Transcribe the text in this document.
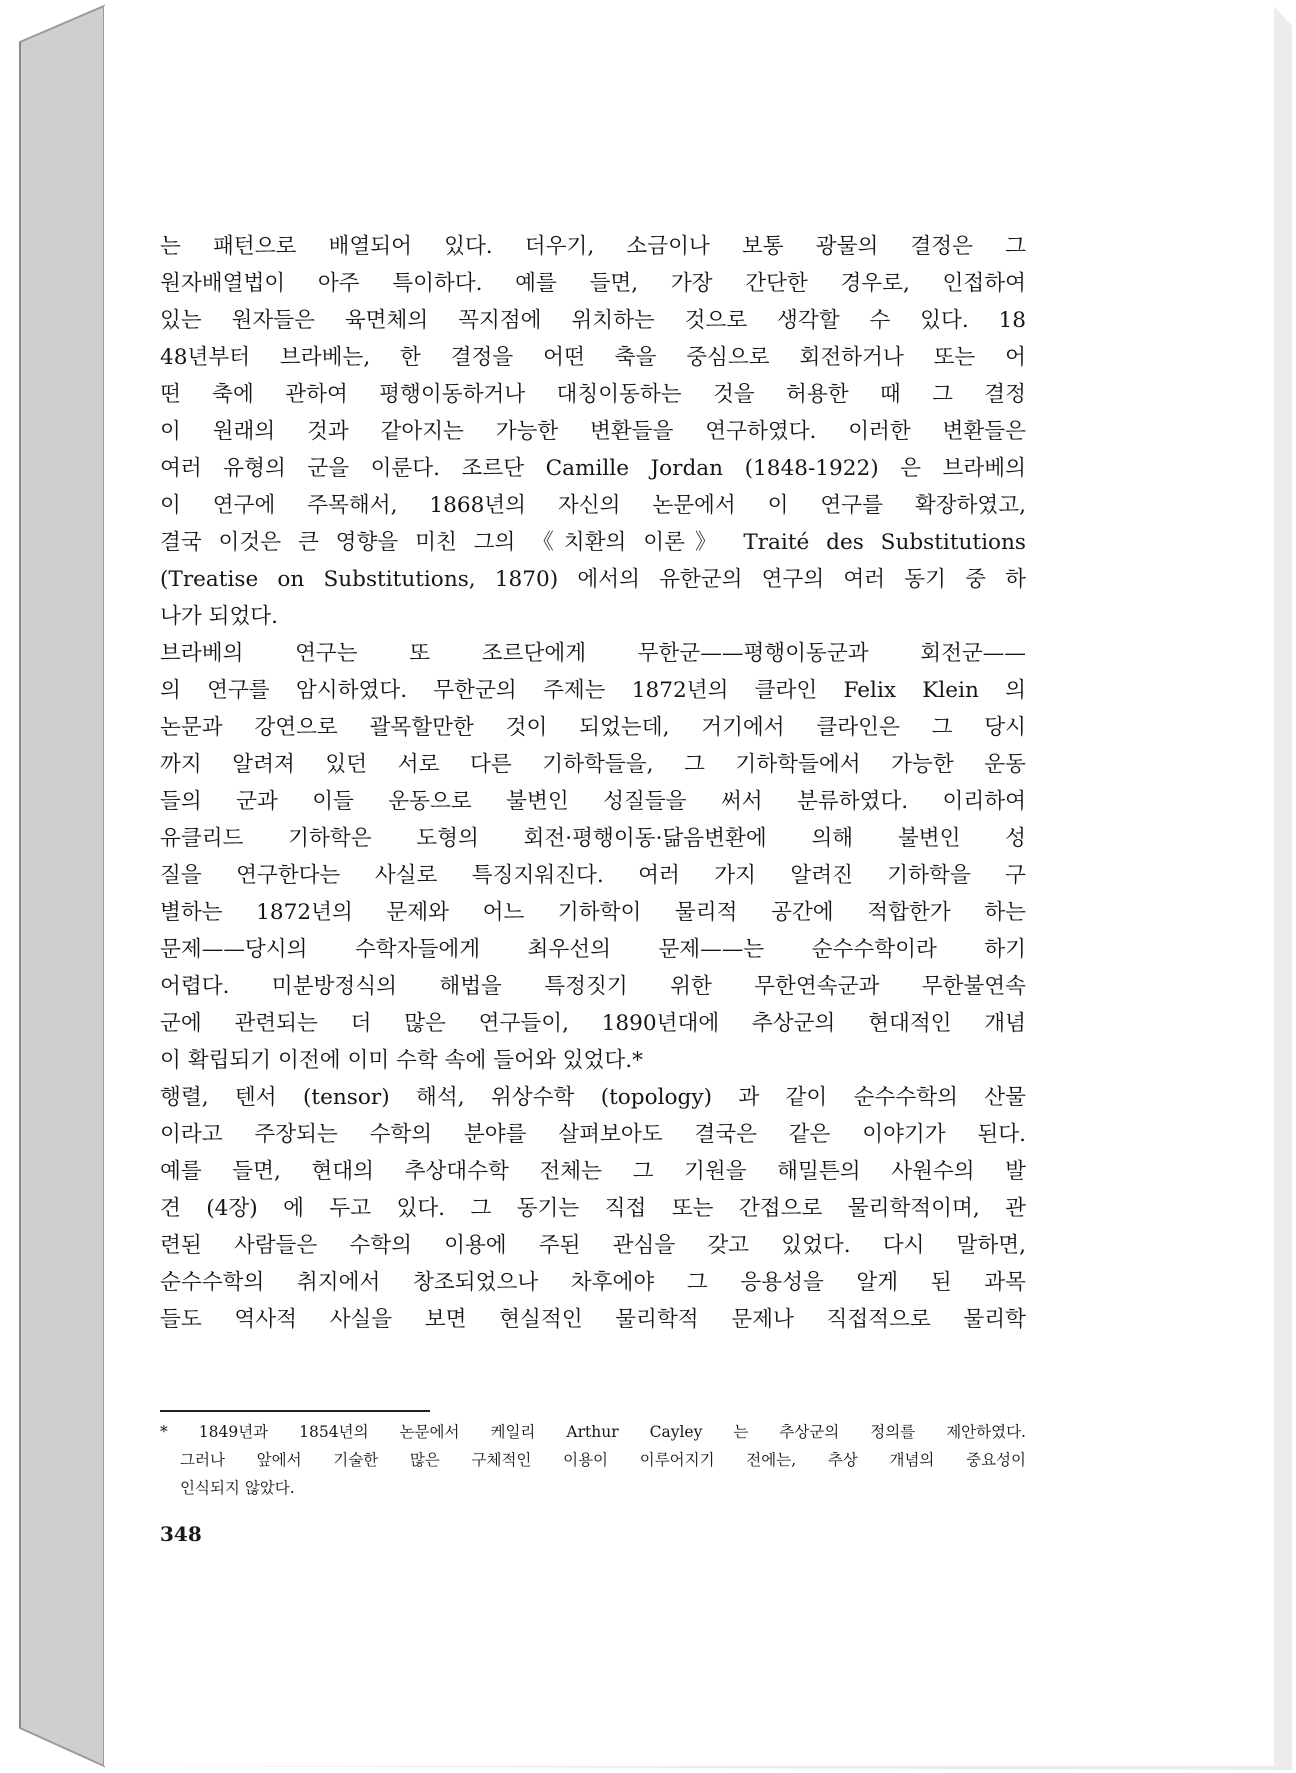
는 패턴으로 배열되어 있다. 더우기, 소금이나 보통 광물의 결정은 그
원자배열법이 아주 특이하다. 예를 들면, 가장 간단한 경우로, 인접하여
있는 원자들은 육면체의 꼭지점에 위치하는 것으로 생각할 수 있다. 18
48년부터 브라베는, 한 결정을 어떤 축을 중심으로 회전하거나 또는 어
떤 축에 관하여 평행이동하거나 대칭이동하는 것을 허용한 때 그 결정
이 원래의 것과 같아지는 가능한 변환들을 연구하였다. 이러한 변환들은
여러 유형의 군을 이룬다. 조르단 Camille Jordan (1848-1922) 은 브라베의
이 연구에 주목해서, 1868년의 자신의 논문에서 이 연구를 확장하였고,
결국 이것은 큰 영향을 미친 그의 《치환의 이론》 Traité des Substitutions
(Treatise on Substitutions, 1870) 에서의 유한군의 연구의 여러 동기 중 하
나가 되었다.
브라베의 연구는 또 조르단에게 무한군——평행이동군과 회전군——
의 연구를 암시하였다. 무한군의 주제는 1872년의 클라인 Felix Klein 의
논문과 강연으로 괄목할만한 것이 되었는데, 거기에서 클라인은 그 당시
까지 알려져 있던 서로 다른 기하학들을, 그 기하학들에서 가능한 운동
들의 군과 이들 운동으로 불변인 성질들을 써서 분류하였다. 이리하여
유클리드 기하학은 도형의 회전·평행이동·닮음변환에 의해 불변인 성
질을 연구한다는 사실로 특징지워진다. 여러 가지 알려진 기하학을 구
별하는 1872년의 문제와 어느 기하학이 물리적 공간에 적합한가 하는
문제——당시의 수학자들에게 최우선의 문제——는 순수수학이라 하기
어렵다. 미분방정식의 해법을 특정짓기 위한 무한연속군과 무한불연속
군에 관련되는 더 많은 연구들이, 1890년대에 추상군의 현대적인 개념
이 확립되기 이전에 이미 수학 속에 들어와 있었다.*
행렬, 텐서 (tensor) 해석, 위상수학 (topology) 과 같이 순수수학의 산물
이라고 주장되는 수학의 분야를 살펴보아도 결국은 같은 이야기가 된다.
예를 들면, 현대의 추상대수학 전체는 그 기원을 해밀튼의 사원수의 발
견 (4장) 에 두고 있다. 그 동기는 직접 또는 간접으로 물리학적이며, 관
련된 사람들은 수학의 이용에 주된 관심을 갖고 있었다. 다시 말하면,
순수수학의 취지에서 창조되었으나 차후에야 그 응용성을 알게 된 과목
들도 역사적 사실을 보면 현실적인 물리학적 문제나 직접적으로 물리학
* 1849년과 1854년의 논문에서 케일리 Arthur Cayley 는 추상군의 정의를 제안하였다.
그러나 앞에서 기술한 많은 구체적인 이용이 이루어지기 전에는, 추상 개념의 중요성이
인식되지 않았다.
348
